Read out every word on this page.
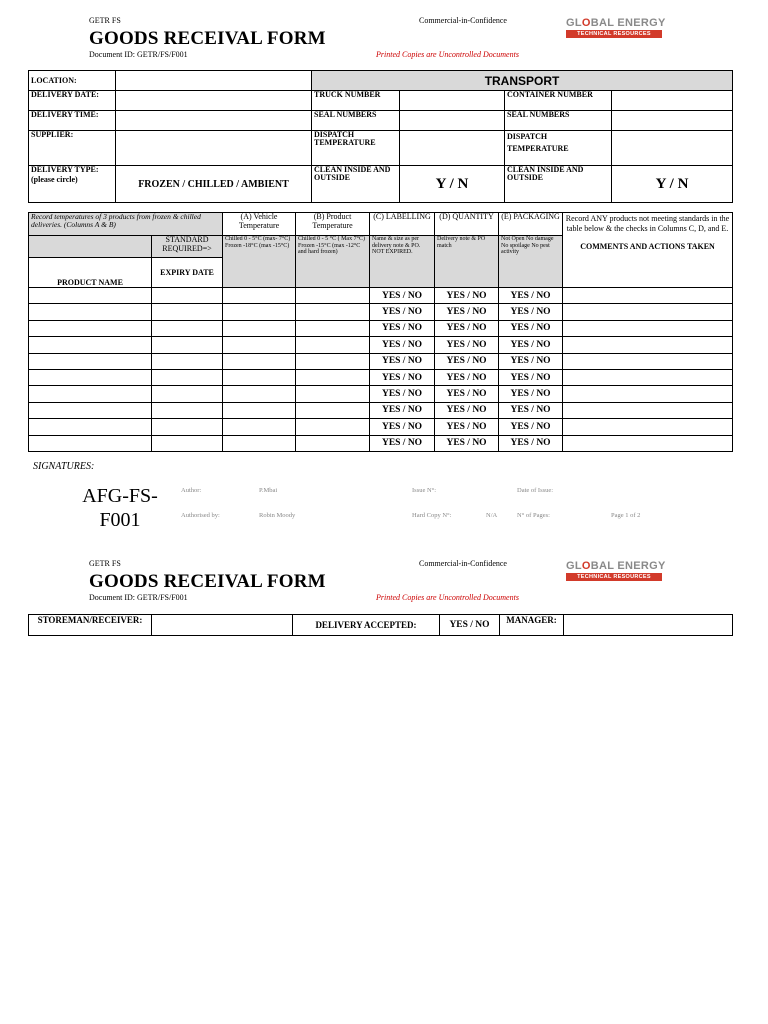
GETR FS	Commercial-in-Confidence
GOODS RECEIVAL FORM
Document ID: GETR/FS/F001	Printed Copies are Uncontrolled Documents
GLOBAL ENERGY
TECHNICAL RESOURCES
LOCATION:		TRANSPORT			
DELIVERY DATE:		TRUCK NUMBER		CONTAINER NUMBER	
DELIVERY TIME:		SEAL NUMBERS		SEAL NUMBERS	
SUPPLIER:		DISPATCH TEMPERATURE		DISPATCH TEMPERATURE	

DELIVERY TYPE:
(please circle)	FROZEN / CHILLED / AMBIENT	CLEAN INSIDE AND OUTSIDE	Y / N	CLEAN INSIDE AND OUTSIDE	Y / N
Record temperatures of 3 products from frozen & chilled deliveries. (Columns A & B)		(A) Vehicle Temperature	(B) Product Temperature	(C) LABELLING	(D) QUANTITY	(E) PACKAGING	Record ANY products not meeting standards in the table below & the checks in Columns C, D, and E.
COMMENTS AND ACTIONS TAKEN

	STANDARD REQUIRED=>	Chilled 0 - 5°C (max- 7°C) Frozen -18°C (max -15°C)	Chilled 0 - 5 °C ( Max 7°C) Frozen -15°C (max -12°C and hard frozen)	Name & size as per delivery note & PO. NOT EXPIRED.	Delivery note & PO match	Not Open No damage No spoilage No pest activity	
PRODUCT NAME	EXPIRY DATE						
				YES / NO	YES / NO	YES / NO	
				YES / NO	YES / NO	YES / NO	
				YES / NO	YES / NO	YES / NO	
				YES / NO	YES / NO	YES / NO	
				YES / NO	YES / NO	YES / NO	
				YES / NO	YES / NO	YES / NO	
				YES / NO	YES / NO	YES / NO	
				YES / NO	YES / NO	YES / NO	
				YES / NO	YES / NO	YES / NO	
				YES / NO	YES / NO	YES / NO	
SIGNATURES:
AFG-FS-F001
Author:	P.Mbai	Issue N°:	Date of Issue:
Authorised by:	Robin Moody	Hard Copy N°:	N/A	N° of Pages:	Page 1 of 2
GETR FS	Commercial-in-Confidence
GOODS RECEIVAL FORM
Document ID: GETR/FS/F001	Printed Copies are Uncontrolled Documents
GLOBAL ENERGY
TECHNICAL RESOURCES
STOREMAN/RECEIVER:		DELIVERY ACCEPTED:	YES / NO	MANAGER:	
